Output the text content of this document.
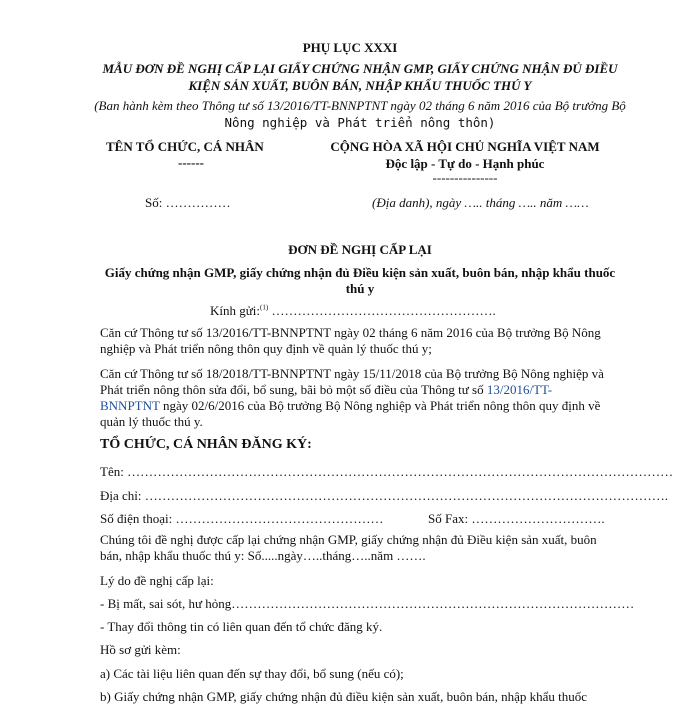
PHỤ LỤC XXXI
MẪU ĐƠN ĐỀ NGHỊ CẤP LẠI GIẤY CHỨNG NHẬN GMP, GIẤY CHỨNG NHẬN ĐỦ ĐIỀU KIỆN SẢN XUẤT, BUÔN BÁN, NHẬP KHẨU THUỐC THÚ Y
(Ban hành kèm theo Thông tư số 13/2016/TT-BNNPTNT ngày 02 tháng 6 năm 2016 của Bộ trưởng Bộ Nông nghiệp và Phát triển nông thôn)
TÊN TỔ CHỨC, CÁ NHÂN
------
CỘNG HÒA XÃ HỘI CHỦ NGHĨA VIỆT NAM
Độc lập - Tự do - Hạnh phúc
---------------
Số: ……………	(Địa danh), ngày ….. tháng ….. năm ……
ĐƠN ĐỀ NGHỊ CẤP LẠI
Giấy chứng nhận GMP, giấy chứng nhận đủ Điều kiện sản xuất, buôn bán, nhập khẩu thuốc thú y
Kính gửi:$^{(1)}$ …………………………………………….
Căn cứ Thông tư số 13/2016/TT-BNNPTNT ngày 02 tháng 6 năm 2016 của Bộ trưởng Bộ Nông nghiệp và Phát triển nông thôn quy định về quản lý thuốc thú y;
Căn cứ Thông tư số 18/2018/TT-BNNPTNT ngày 15/11/2018 của Bộ trưởng Bộ Nông nghiệp và Phát triển nông thôn sửa đổi, bổ sung, bãi bỏ một số điều của Thông tư số 13/2016/TT-BNNPTNT ngày 02/6/2016 của Bộ trưởng Bộ Nông nghiệp và Phát triển nông thôn quy định về quản lý thuốc thú y.
TỔ CHỨC, CÁ NHÂN ĐĂNG KÝ:
Tên: ………………………………………………………………………………………………………………
Địa chỉ: ………………………………………………………………………………………………………….
Số điện thoại: …………………………………………	Số Fax: ………………………….
Chúng tôi đề nghị được cấp lại chứng nhận GMP, giấy chứng nhận đủ Điều kiện sản xuất, buôn bán, nhập khẩu thuốc thú y: Số.....ngày…..tháng…..năm …….
Lý do đề nghị cấp lại:
- Bị mất, sai sót, hư hỏng…………………………………………………………………………………
- Thay đổi thông tin có liên quan đến tổ chức đăng ký.
Hồ sơ gửi kèm:
a) Các tài liệu liên quan đến sự thay đổi, bổ sung (nếu có);
b) Giấy chứng nhận GMP, giấy chứng nhận đủ điều kiện sản xuất, buôn bán, nhập khẩu thuốc
